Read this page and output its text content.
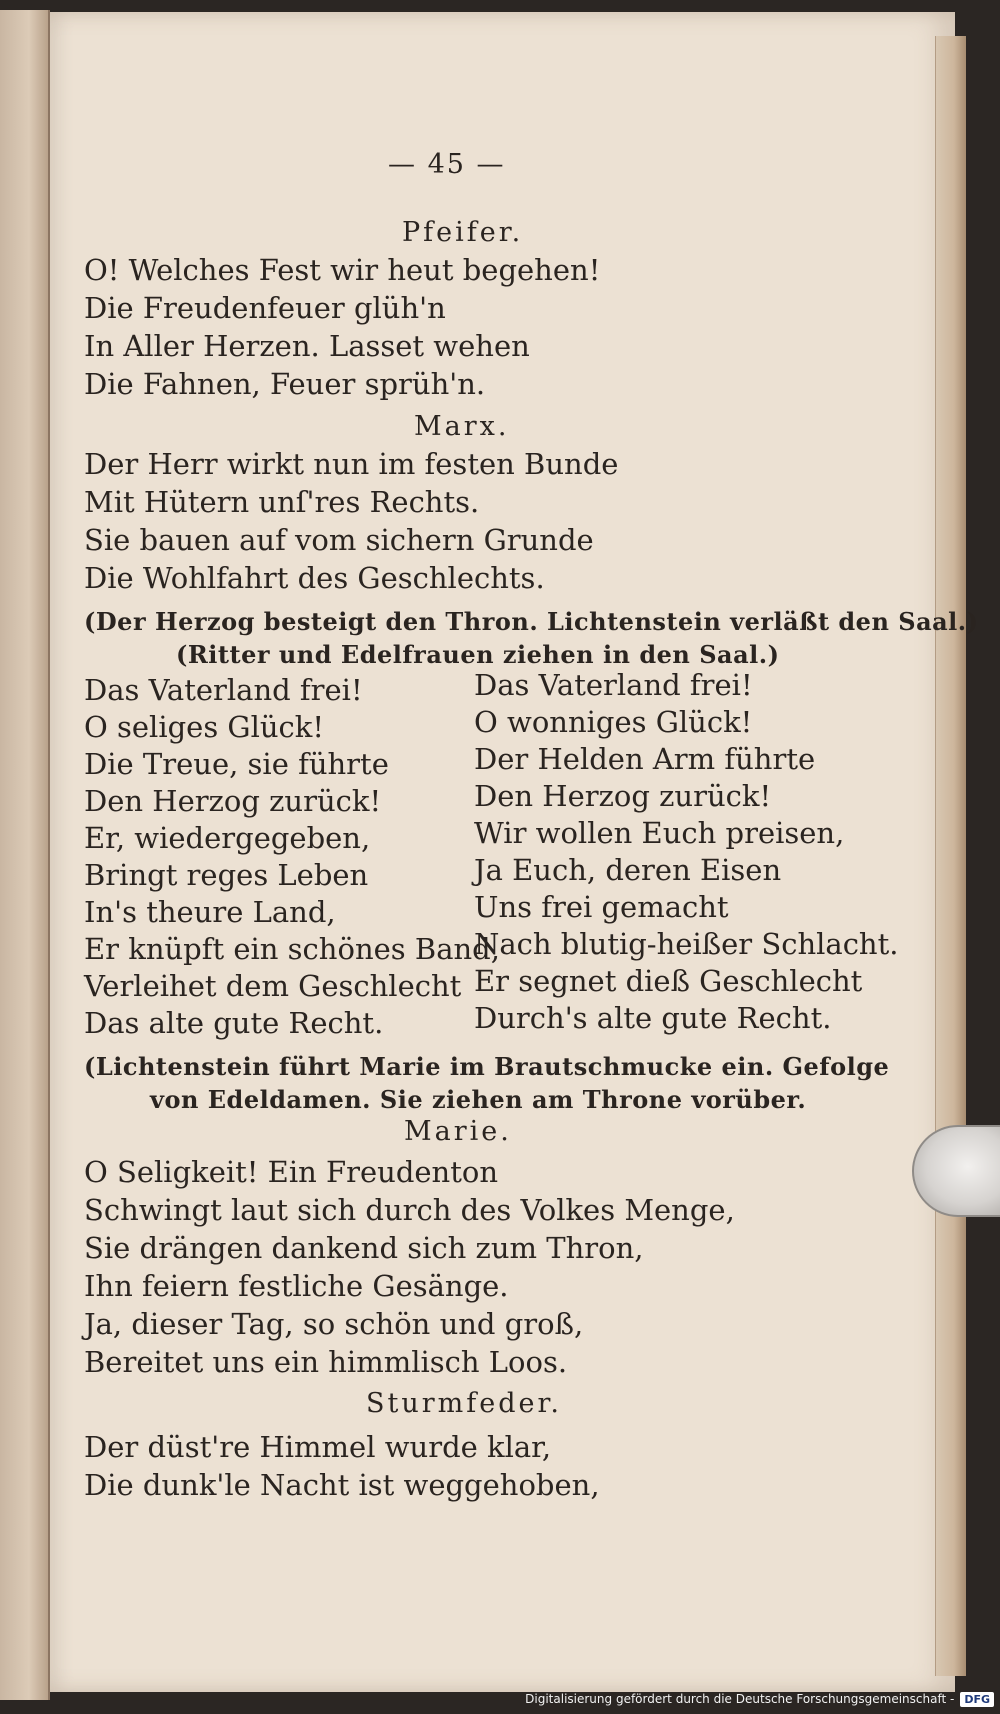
— 45 —
Pfeifer.
O! Welches Fest wir heut begehen!
Die Freudenfeuer glüh'n
In Aller Herzen. Lasset wehen
Die Fahnen, Feuer sprüh'n.
Marx.
Der Herr wirkt nun im festen Bunde
Mit Hütern unſ'res Rechts.
Sie bauen auf vom sichern Grunde
Die Wohlfahrt des Geschlechts.
(Der Herzog besteigt den Thron. Lichtenstein verläßt den Saal.)
(Ritter und Edelfrauen ziehen in den Saal.)
Das Vaterland frei!
O seliges Glück!
Die Treue, sie führte
Den Herzog zurück!
Er, wiedergegeben,
Bringt reges Leben
In's theure Land,
Er knüpft ein schönes Band,
Verleihet dem Geschlecht
Das alte gute Recht.
Das Vaterland frei!
O wonniges Glück!
Der Helden Arm führte
Den Herzog zurück!
Wir wollen Euch preisen,
Ja Euch, deren Eisen
Uns frei gemacht
Nach blutig-heißer Schlacht.
Er segnet dieß Geschlecht
Durch's alte gute Recht.
(Lichtenstein führt Marie im Brautschmucke ein. Gefolge
von Edeldamen. Sie ziehen am Throne vorüber.
Marie.
O Seligkeit! Ein Freudenton
Schwingt laut sich durch des Volkes Menge,
Sie drängen dankend sich zum Thron,
Ihn feiern festliche Gesänge.
Ja, dieser Tag, so schön und groß,
Bereitet uns ein himmlisch Loos.
Sturmfeder.
Der düst're Himmel wurde klar,
Die dunk'le Nacht ist weggehoben,
Digitalisierung gefördert durch die Deutsche Forschungsgemeinschaft - DFG
